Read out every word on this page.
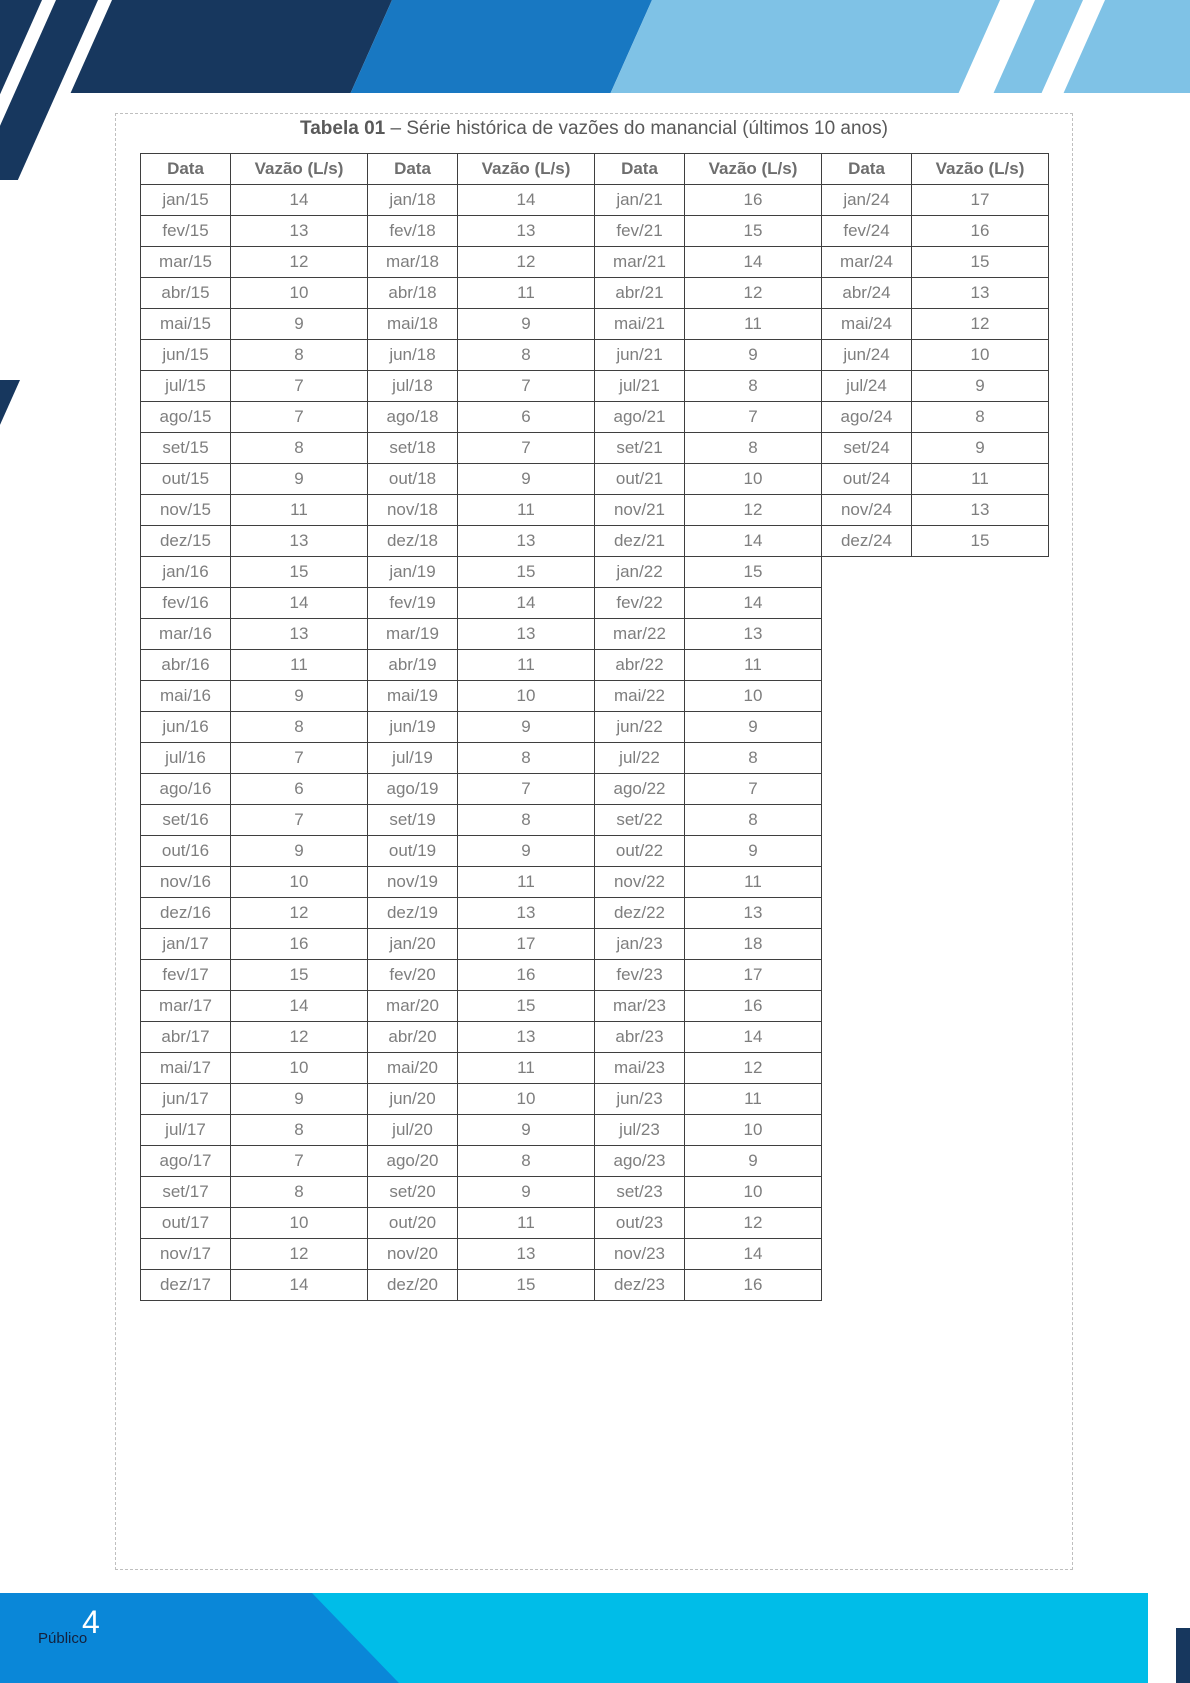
Tabela 01 – Série histórica de vazões do manancial (últimos 10 anos)
Data	Vazão (L/s)	Data	Vazão (L/s)	Data	Vazão (L/s)	Data	Vazão (L/s)
jan/15	14	jan/18	14	jan/21	16	jan/24	17
fev/15	13	fev/18	13	fev/21	15	fev/24	16
mar/15	12	mar/18	12	mar/21	14	mar/24	15
abr/15	10	abr/18	11	abr/21	12	abr/24	13
mai/15	9	mai/18	9	mai/21	11	mai/24	12
jun/15	8	jun/18	8	jun/21	9	jun/24	10
jul/15	7	jul/18	7	jul/21	8	jul/24	9
ago/15	7	ago/18	6	ago/21	7	ago/24	8
set/15	8	set/18	7	set/21	8	set/24	9
out/15	9	out/18	9	out/21	10	out/24	11
nov/15	11	nov/18	11	nov/21	12	nov/24	13
dez/15	13	dez/18	13	dez/21	14	dez/24	15
jan/16	15	jan/19	15	jan/22	15		
fev/16	14	fev/19	14	fev/22	14		
mar/16	13	mar/19	13	mar/22	13		
abr/16	11	abr/19	11	abr/22	11		
mai/16	9	mai/19	10	mai/22	10		
jun/16	8	jun/19	9	jun/22	9		
jul/16	7	jul/19	8	jul/22	8		
ago/16	6	ago/19	7	ago/22	7		
set/16	7	set/19	8	set/22	8		
out/16	9	out/19	9	out/22	9		
nov/16	10	nov/19	11	nov/22	11		
dez/16	12	dez/19	13	dez/22	13		
jan/17	16	jan/20	17	jan/23	18		
fev/17	15	fev/20	16	fev/23	17		
mar/17	14	mar/20	15	mar/23	16		
abr/17	12	abr/20	13	abr/23	14		
mai/17	10	mai/20	11	mai/23	12		
jun/17	9	jun/20	10	jun/23	11		
jul/17	8	jul/20	9	jul/23	10		
ago/17	7	ago/20	8	ago/23	9		
set/17	8	set/20	9	set/23	10		
out/17	10	out/20	11	out/23	12		
nov/17	12	nov/20	13	nov/23	14		
dez/17	14	dez/20	15	dez/23	16		
4
Público
